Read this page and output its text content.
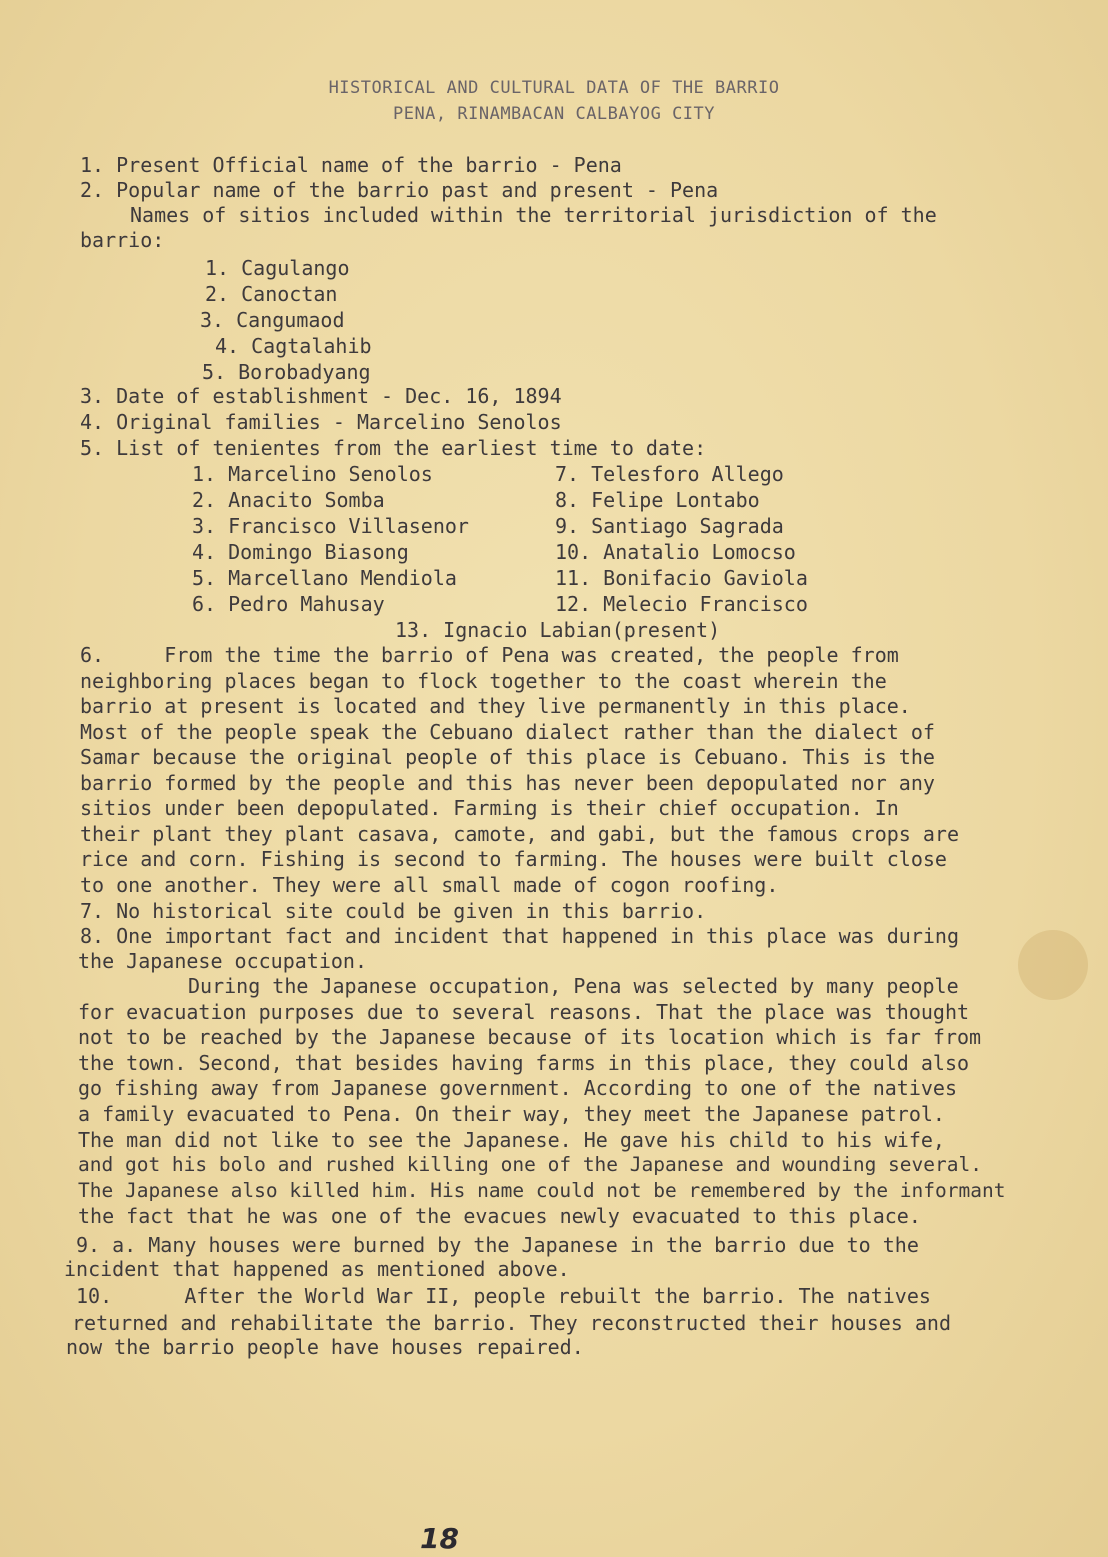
HISTORICAL AND CULTURAL DATA OF THE BARRIO
PENA, RINAMBACAN CALBAYOG CITY
1. Present Official name of the barrio - Pena
2. Popular name of the barrio past and present - Pena
Names of sitios included within the territorial jurisdiction of the
barrio:
1. Cagulango
2. Canoctan
3. Cangumaod
4. Cagtalahib
5. Borobadyang
3. Date of establishment - Dec. 16, 1894
4. Original families - Marcelino Senolos
5. List of tenientes from the earliest time to date:
1. Marcelino Senolos
2. Anacito Somba
3. Francisco Villasenor
4. Domingo Biasong
5. Marcellano Mendiola
6. Pedro Mahusay
7. Telesforo Allego
8. Felipe Lontabo
9. Santiago Sagrada
10. Anatalio Lomocso
11. Bonifacio Gaviola
12. Melecio Francisco
13. Ignacio Labian(present)
6.     From the time the barrio of Pena was created, the people from
neighboring places began to flock together to the coast wherein the
barrio at present is located and they live permanently in this place.
Most of the people speak the Cebuano dialect rather than the dialect of
Samar because the original people of this place is Cebuano. This is the
barrio formed by the people and this has never been depopulated nor any
sitios under been depopulated. Farming is their chief occupation. In
their plant they plant casava, camote, and gabi, but the famous crops are
rice and corn. Fishing is second to farming. The houses were built close
to one another. They were all small made of cogon roofing.
7. No historical site could be given in this barrio.
8. One important fact and incident that happened in this place was during
the Japanese occupation.
During the Japanese occupation, Pena was selected by many people
for evacuation purposes due to several reasons. That the place was thought
not to be reached by the Japanese because of its location which is far from
the town. Second, that besides having farms in this place, they could also
go fishing away from Japanese government. According to one of the natives
a family evacuated to Pena. On their way, they meet the Japanese patrol.
The man did not like to see the Japanese. He gave his child to his wife,
and got his bolo and rushed killing one of the Japanese and wounding several.
The Japanese also killed him. His name could not be remembered by the informant
the fact that he was one of the evacues newly evacuated to this place.
9. a. Many houses were burned by the Japanese in the barrio due to the
incident that happened as mentioned above.
10.      After the World War II, people rebuilt the barrio. The natives
returned and rehabilitate the barrio. They reconstructed their houses and
now the barrio people have houses repaired.
18
